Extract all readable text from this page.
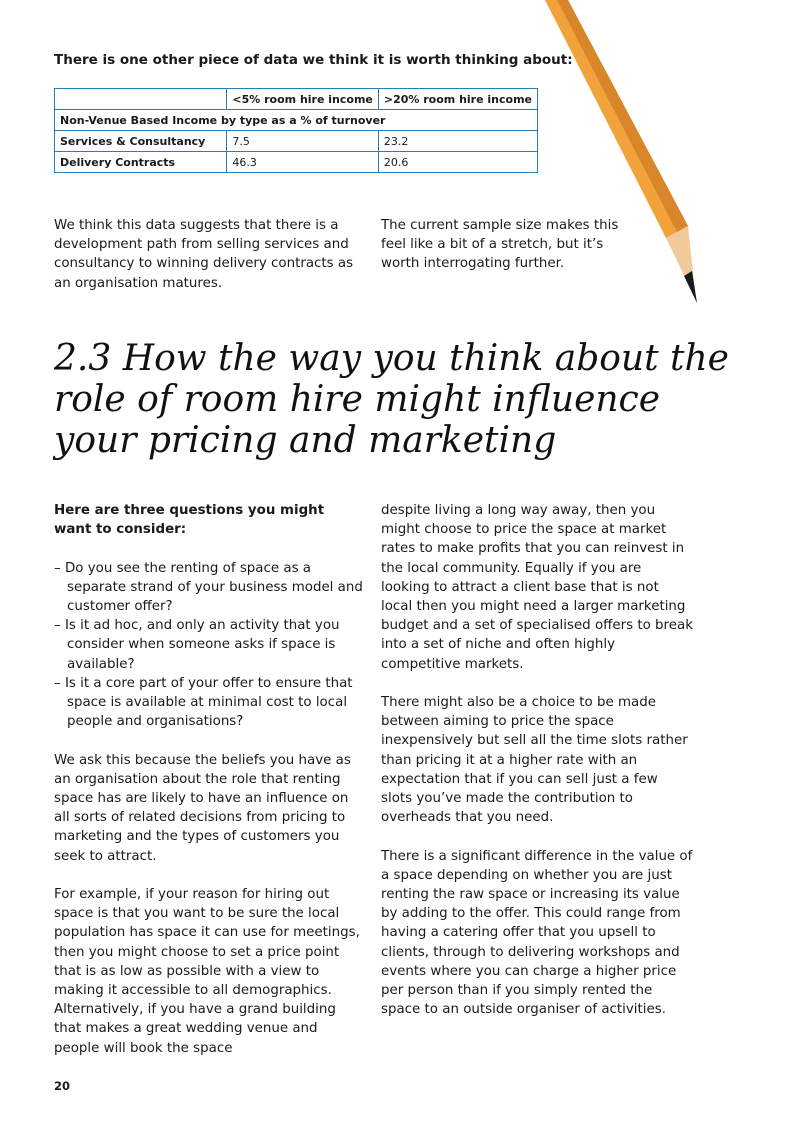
There is one other piece of data we think it is worth thinking about:
	<5% room hire income	>20% room hire income
Non-Venue Based Income by type as a % of turnover		
Services & Consultancy	7.5	23.2
Delivery Contracts	46.3	20.6

We think this data suggests that there is a development path from selling services and consultancy to winning delivery contracts as an organisation matures.

The current sample size makes this feel like a bit of a stretch, but it’s worth interrogating further.

2.3 How the way you think about the role of room hire might influence your pricing and marketing

Here are three questions you might want to consider:

– Do you see the renting of space as a separate strand of your business model and customer offer?
– Is it ad hoc, and only an activity that you consider when someone asks if space is available?
– Is it a core part of your offer to ensure that space is available at minimal cost to local people and organisations?

We ask this because the beliefs you have as an organisation about the role that renting space has are likely to have an influence on all sorts of related decisions from pricing to marketing and the types of customers you seek to attract.

For example, if your reason for hiring out space is that you want to be sure the local population has space it can use for meetings, then you might choose to set a price point that is as low as possible with a view to making it accessible to all demographics. Alternatively, if you have a grand building that makes a great wedding venue and people will book the space

despite living a long way away, then you might choose to price the space at market rates to make profits that you can reinvest in the local community. Equally if you are looking to attract a client base that is not local then you might need a larger marketing budget and a set of specialised offers to break into a set of niche and often highly competitive markets.

There might also be a choice to be made between aiming to price the space inexpensively but sell all the time slots rather than pricing it at a higher rate with an expectation that if you can sell just a few slots you’ve made the contribution to overheads that you need.

There is a significant difference in the value of a space depending on whether you are just renting the raw space or increasing its value by adding to the offer. This could range from having a catering offer that you upsell to clients, through to delivering workshops and events where you can charge a higher price per person than if you simply rented the space to an outside organiser of activities.

20
